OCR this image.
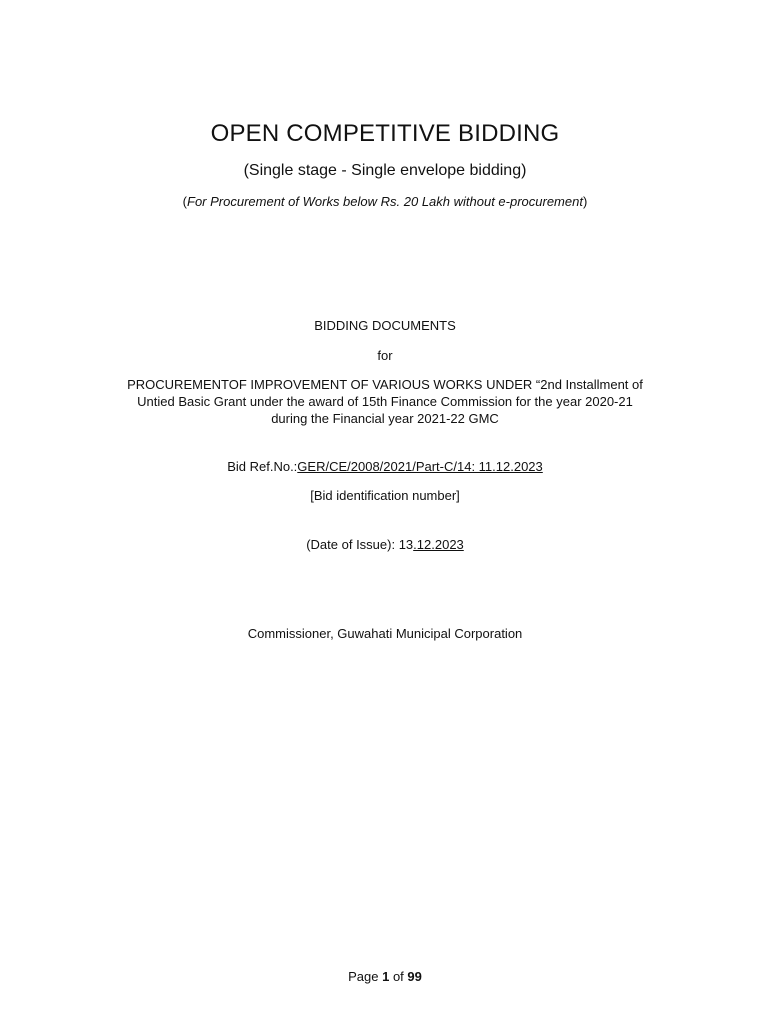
OPEN COMPETITIVE BIDDING
(Single stage - Single envelope bidding)
(For Procurement of Works below Rs. 20 Lakh without e-procurement)
BIDDING DOCUMENTS
for
PROCUREMENTOF IMPROVEMENT OF VARIOUS WORKS UNDER “2nd Installment of
Untied Basic Grant under the award of 15th Finance Commission for the year 2020-21
during the Financial year 2021-22 GMC
Bid Ref.No.:GER/CE/2008/2021/Part-C/14: 11.12.2023
[Bid identification number]
(Date of Issue): 13.12.2023
Commissioner, Guwahati Municipal Corporation
Page 1 of 99
